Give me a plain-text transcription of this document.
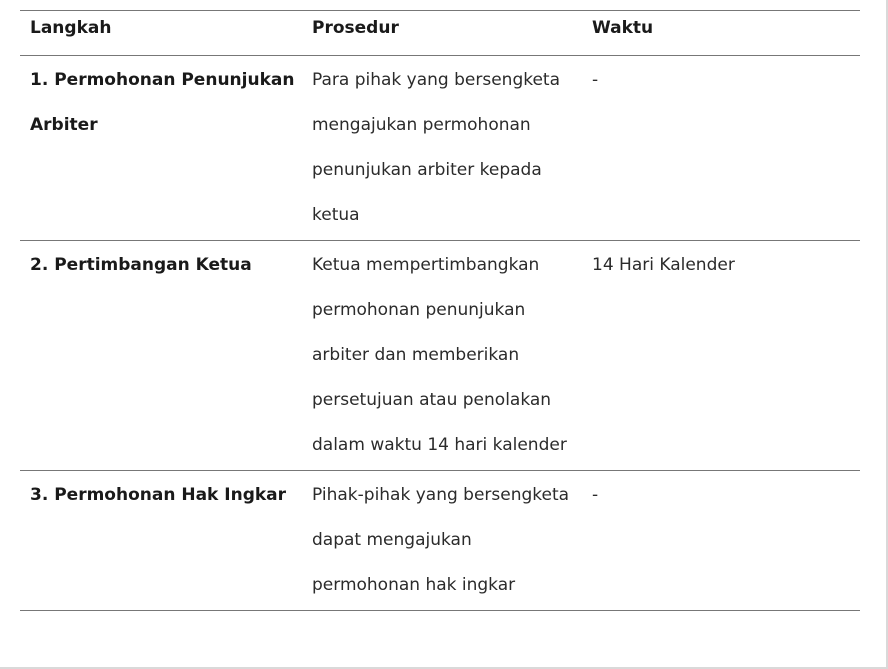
Langkah	Prosedur	Waktu
1. Permohonan Penunjukan Arbiter	Para pihak yang bersengketa mengajukan permohonan penunjukan arbiter kepada ketua	-
2. Pertimbangan Ketua	Ketua mempertimbangkan permohonan penunjukan arbiter dan memberikan persetujuan atau penolakan dalam waktu 14 hari kalender	14 Hari Kalender
3. Permohonan Hak Ingkar	Pihak-pihak yang bersengketa dapat mengajukan permohonan hak ingkar	-
